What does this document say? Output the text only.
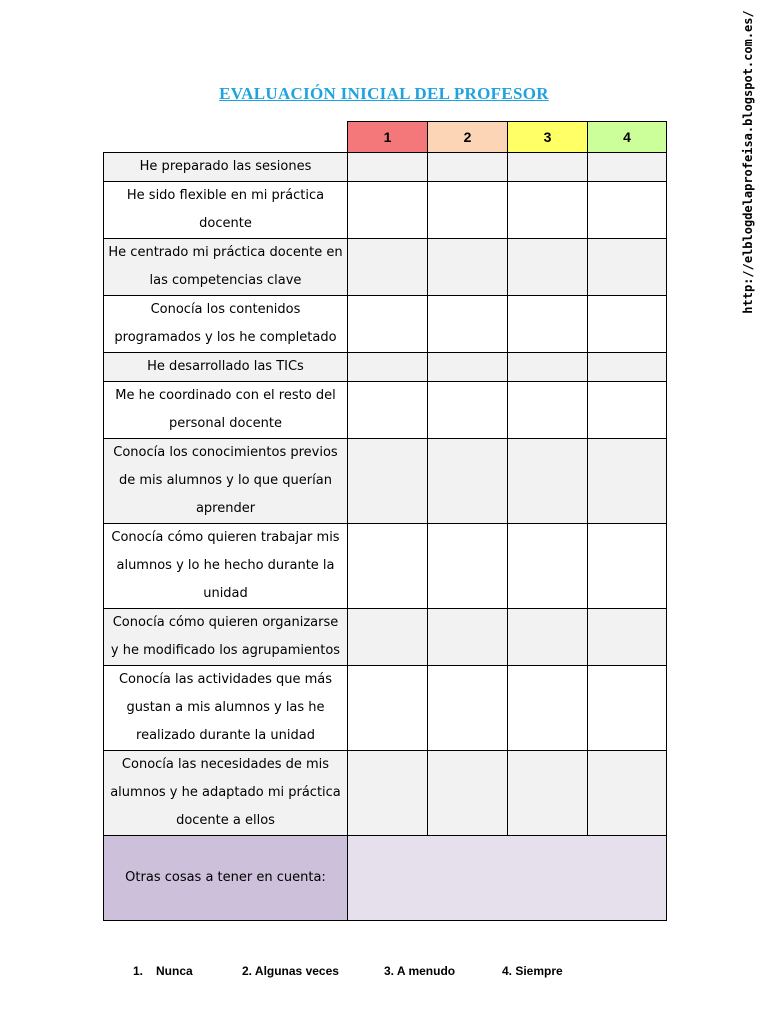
EVALUACIÓN INICIAL DEL PROFESOR	http://elblogdelaprofeisa.blogspot.com.es/
	1	2	3	4
He preparado las sesiones				
He sido flexible en mi práctica docente				
He centrado mi práctica docente en las competencias clave				
Conocía los contenidos programados y los he completado				
He desarrollado las TICs				
Me he coordinado con el resto del personal docente				
Conocía los conocimientos previos de mis alumnos y lo que querían aprender				
Conocía cómo quieren trabajar mis alumnos y lo he hecho durante la unidad				
Conocía cómo quieren organizarse y he modificado los agrupamientos				
Conocía las actividades que más gustan a mis alumnos y las he realizado durante la unidad				
Conocía las necesidades de mis alumnos y he adaptado mi práctica docente a ellos				
Otras cosas a tener en cuenta:				
1. Nunca	2. Algunas veces	3. A menudo	4. Siempre
